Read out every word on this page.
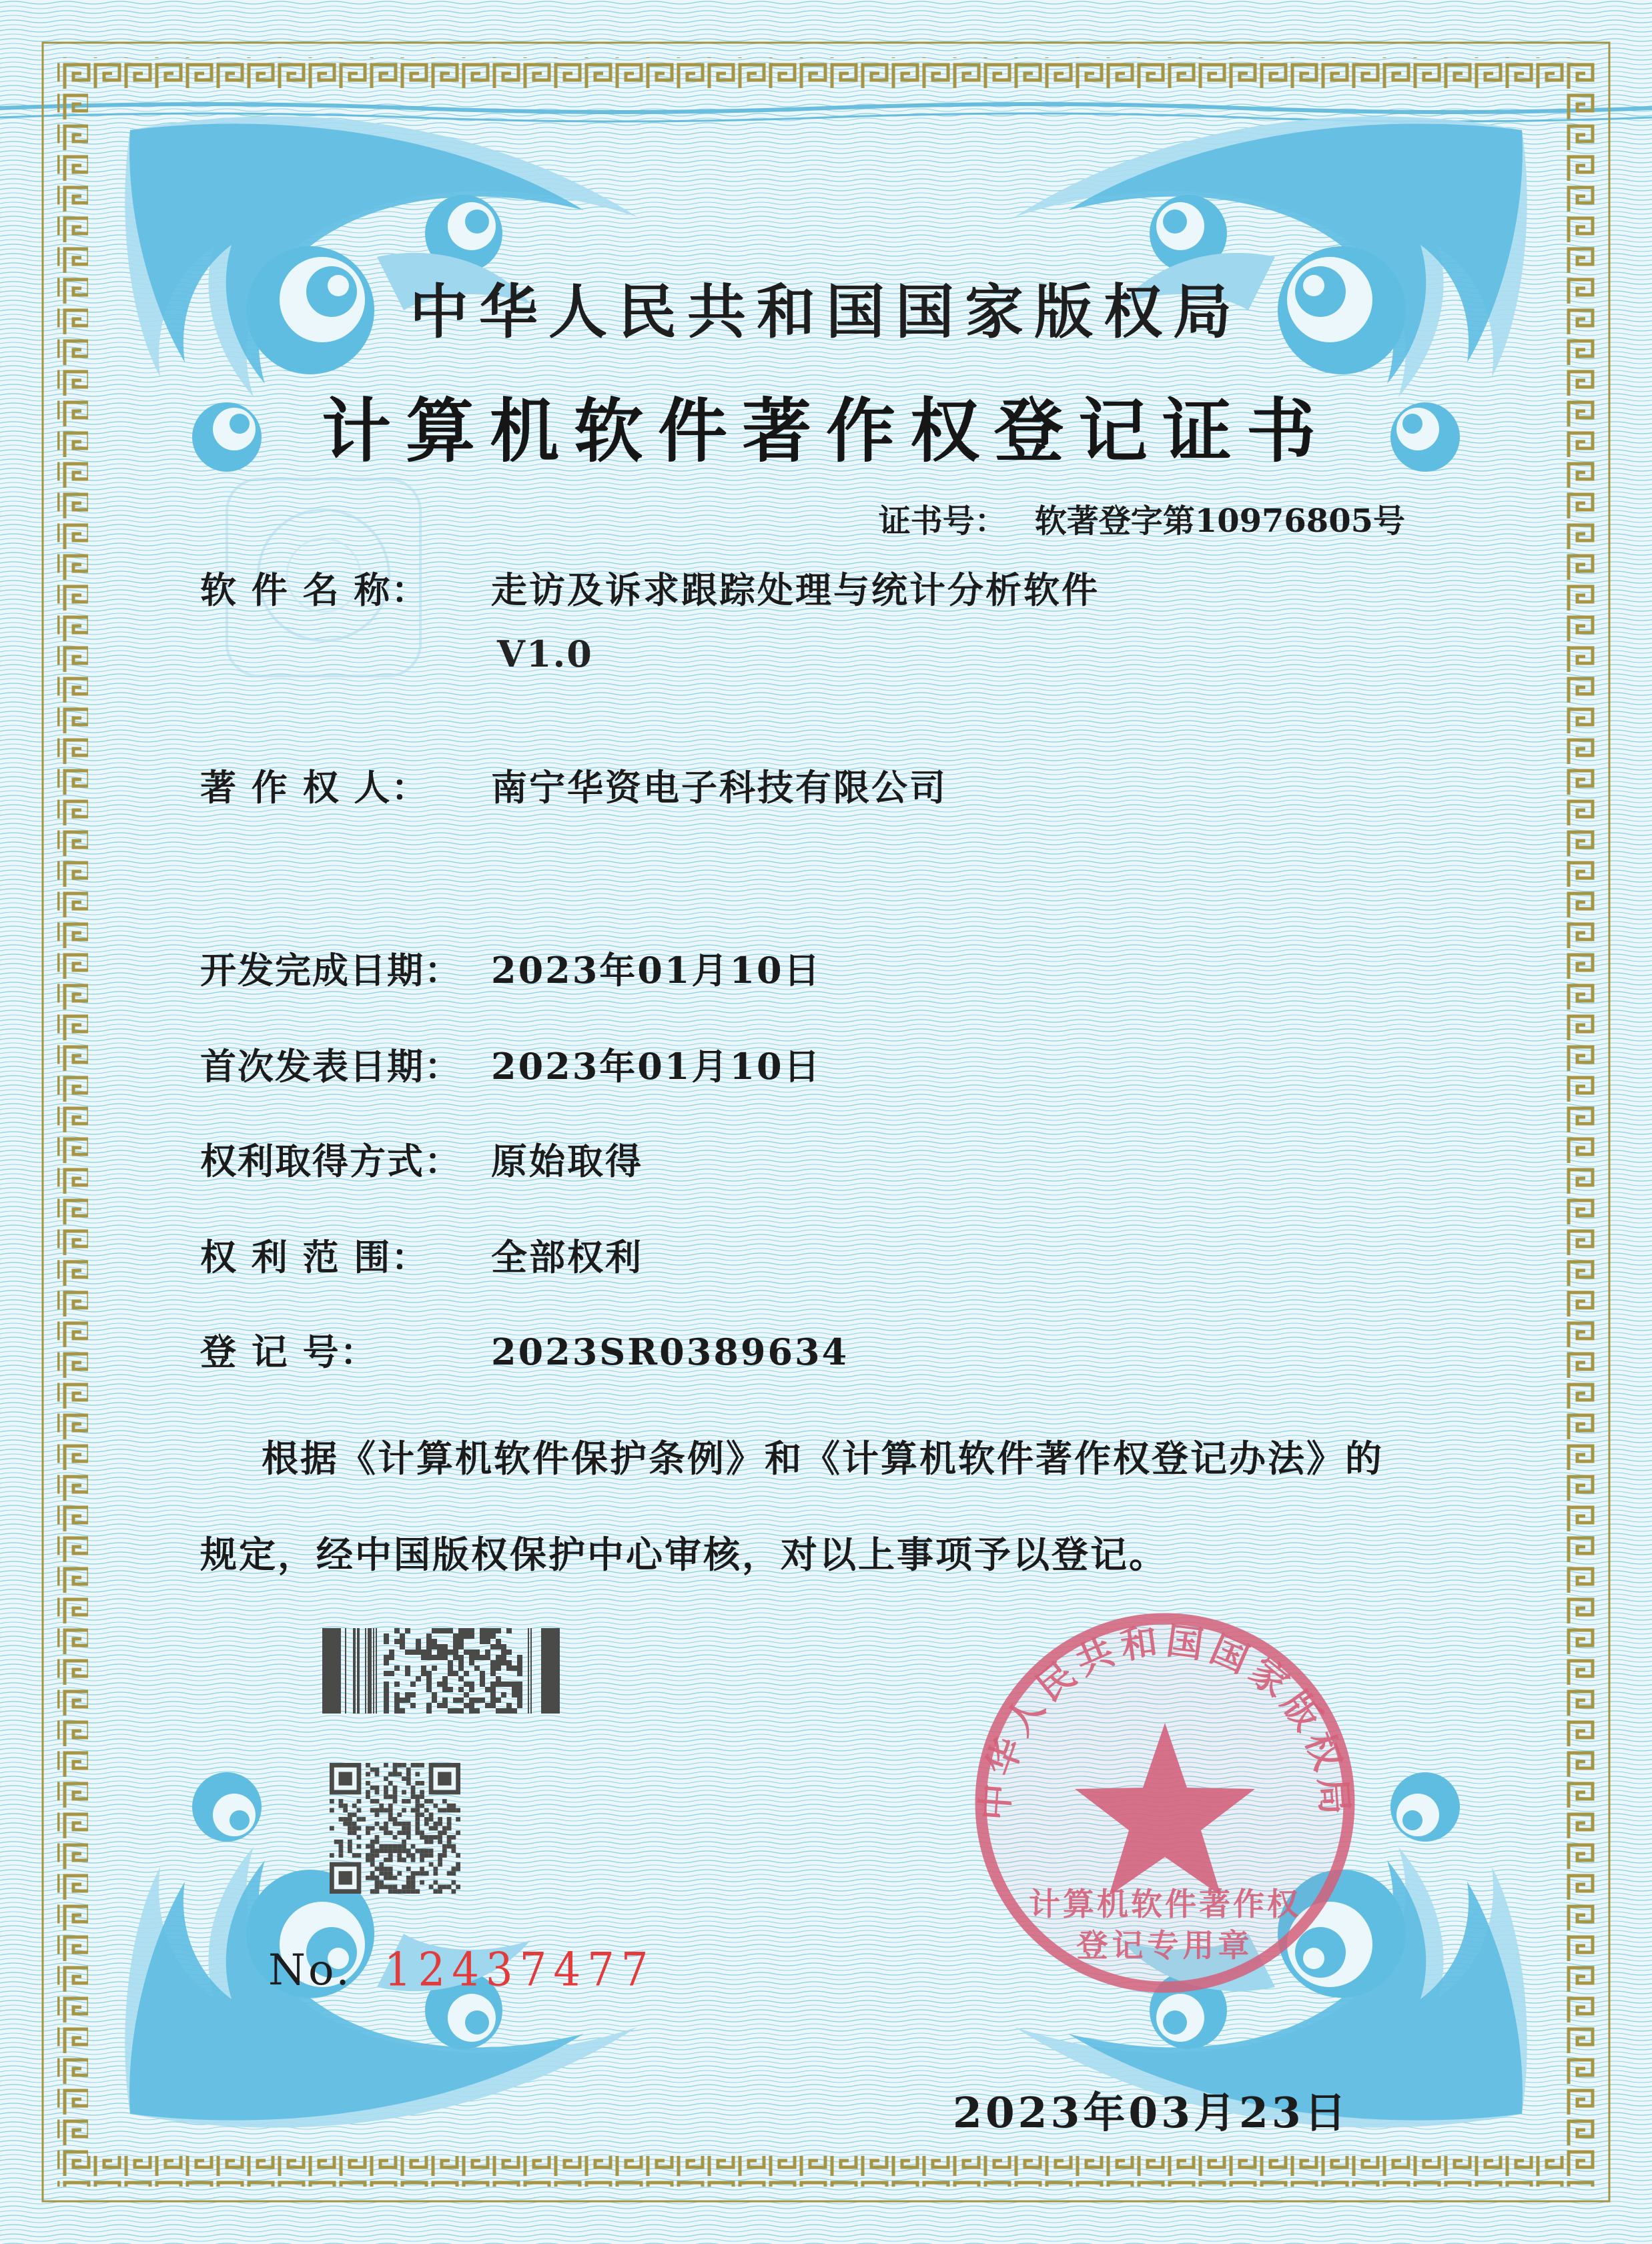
中华人民共和国国家版权局
计算机软件著作权登记证书
证书号： 软著登字第10976805号
软 件 名 称： 走访及诉求跟踪处理与统计分析软件
V1.0
著 作 权 人： 南宁华资电子科技有限公司
开发完成日期： 2023年01月10日
首次发表日期： 2023年01月10日
权利取得方式： 原始取得
权 利 范 围： 全部权利
登 记 号：	2023SR0389634
根据《计算机软件保护条例》和《计算机软件著作权登记办法》的
规定，经中国版权保护中心审核，对以上事项予以登记。
No. 12437477
中华人民共和国国家版权局
计算机软件著作权
登记专用章
2023年03月23日
